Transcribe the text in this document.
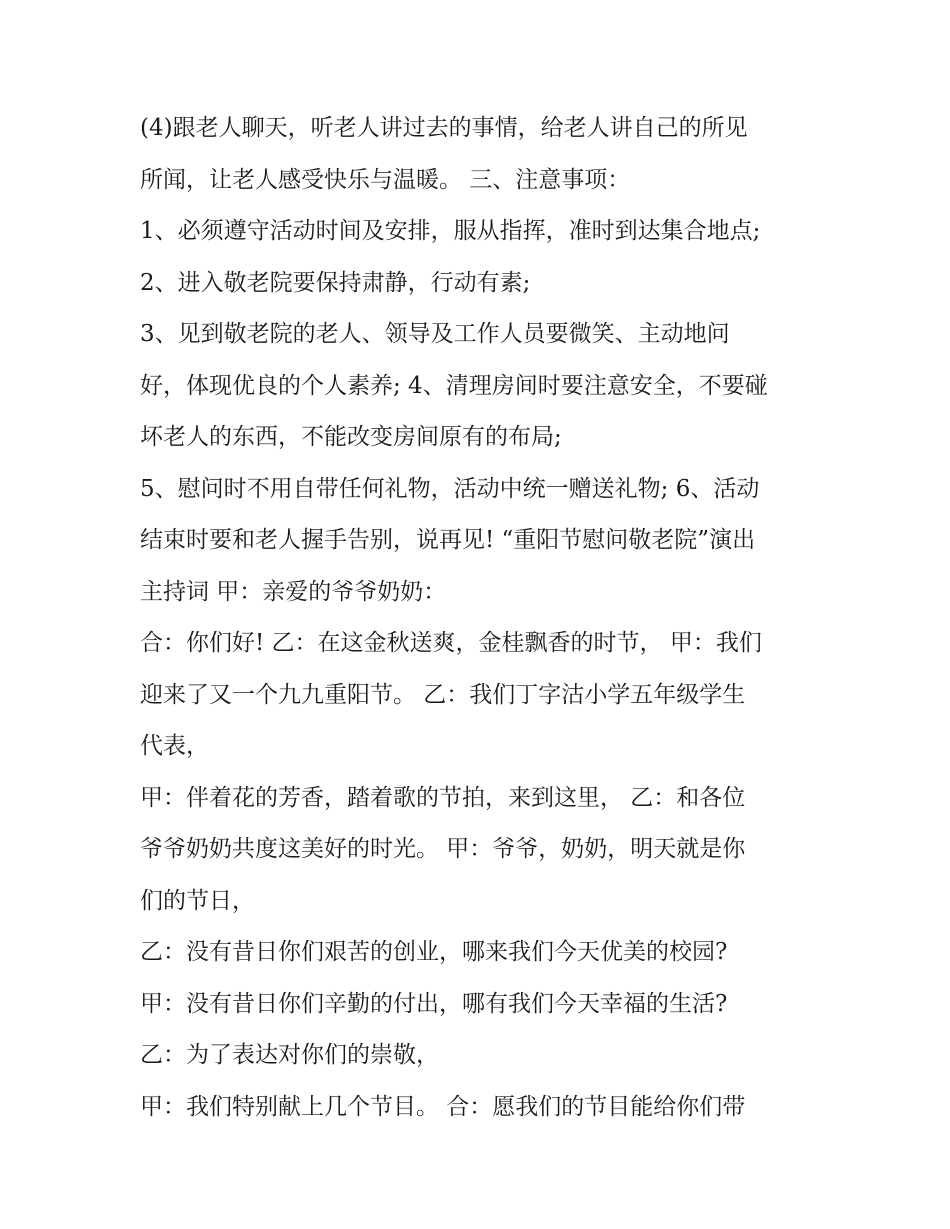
(4)跟老人聊天，听老人讲过去的事情，给老人讲自己的所见
所闻，让老人感受快乐与温暖。 三、注意事项：
1、必须遵守活动时间及安排，服从指挥，准时到达集合地点;
2、进入敬老院要保持肃静，行动有素;
3、见到敬老院的老人、领导及工作人员要微笑、主动地问
好，体现优良的个人素养; 4、清理房间时要注意安全，不要碰
坏老人的东西，不能改变房间原有的布局;
5、慰问时不用自带任何礼物，活动中统一赠送礼物; 6、活动
结束时要和老人握手告别，说再见! “重阳节慰问敬老院”演出
主持词 甲：亲爱的爷爷奶奶：
合：你们好! 乙：在这金秋送爽，金桂飘香的时节， 甲：我们
迎来了又一个九九重阳节。 乙：我们丁字沽小学五年级学生
代表，
甲：伴着花的芳香，踏着歌的节拍，来到这里， 乙：和各位
爷爷奶奶共度这美好的时光。 甲：爷爷，奶奶，明天就是你
们的节日，
乙：没有昔日你们艰苦的创业，哪来我们今天优美的校园?
甲：没有昔日你们辛勤的付出，哪有我们今天幸福的生活?
乙：为了表达对你们的崇敬，
甲：我们特别献上几个节目。 合：愿我们的节目能给你们带
